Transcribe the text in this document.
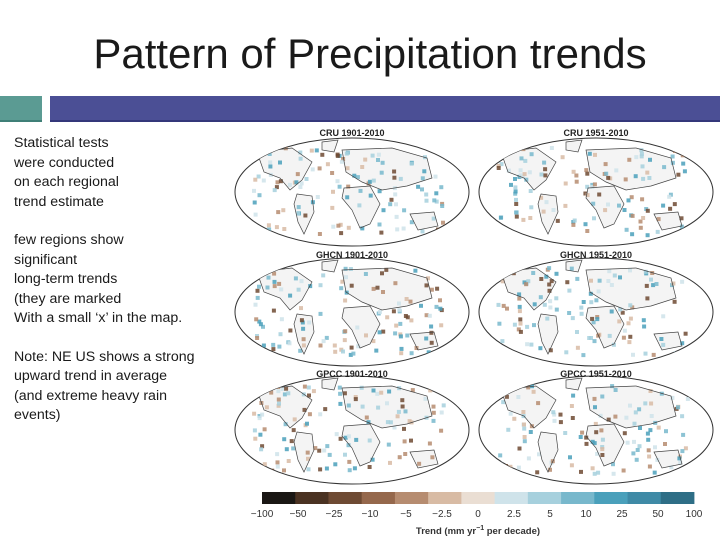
Pattern of Precipitation trends

Statistical tests
were conducted
on each regional
trend estimate

few regions show
significant
long-term trends
(they are marked
With a small ‘x’ in the map.

Note: NE US shows a strong
upward trend in average
(and extreme heavy rain
events)

CRU 1901-2010	CRU 1951-2010
GHCN 1901-2010	GHCN 1951-2010
GPCC 1901-2010	GPCC 1951-2010
−100 −50 −25 −10 −5 −2.5 0	2.5	5	10 25 50 100
Trend (mm $yr^{-1}$ per decade)
